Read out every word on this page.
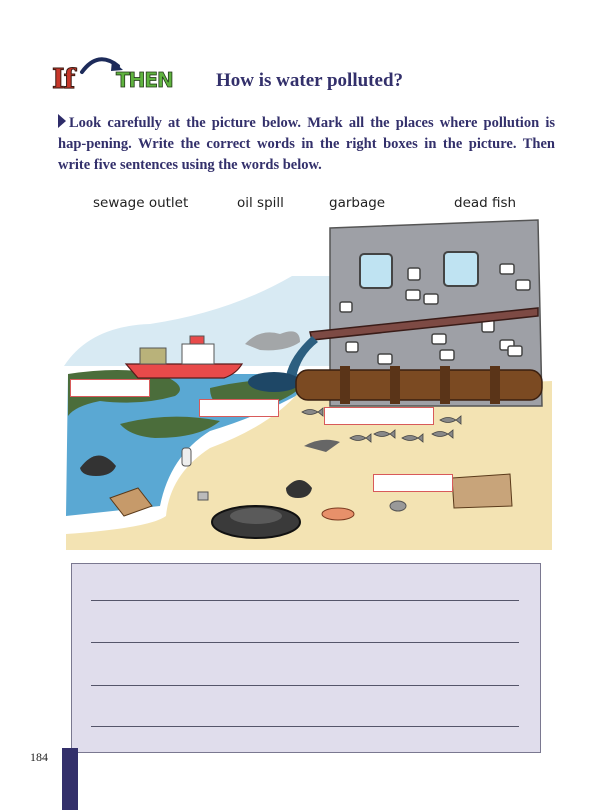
If THEN How is water polluted?
Look carefully at the picture below. Mark all the places where pollution is hap-pening. Write the correct words in the right boxes in the picture. Then write five sentences using the words below.
sewage outlet	oil spill	garbage	dead fish
184
